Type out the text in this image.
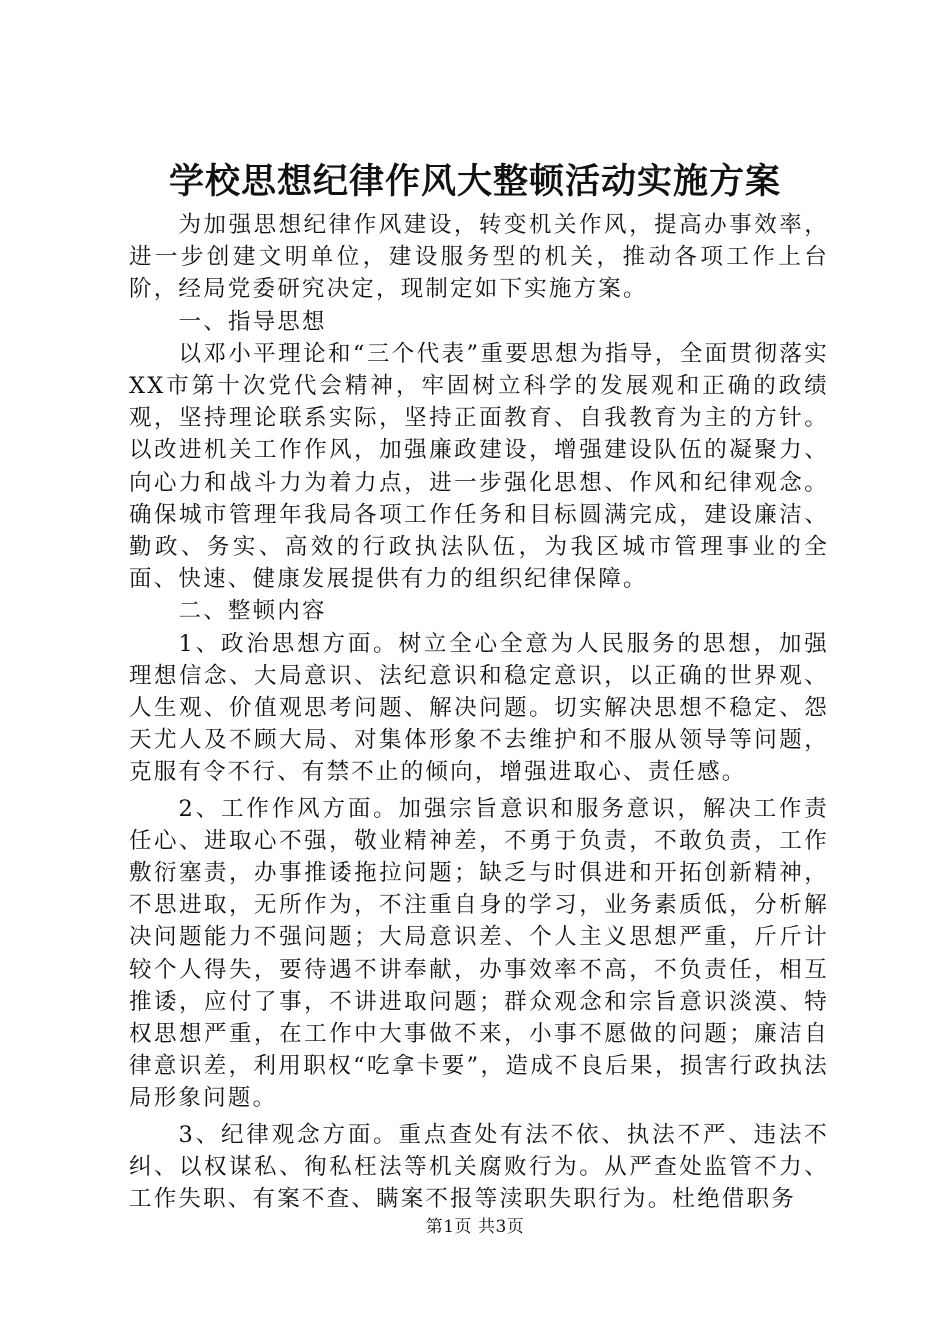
学校思想纪律作风大整顿活动实施方案

为加强思想纪律作风建设，转变机关作风，提高办事效率，进一步创建文明单位，建设服务型的机关，推动各项工作上台阶，经局党委研究决定，现制定如下实施方案。

一、指导思想

以邓小平理论和“三个代表”重要思想为指导，全面贯彻落实XX市第十次党代会精神，牢固树立科学的发展观和正确的政绩观，坚持理论联系实际，坚持正面教育、自我教育为主的方针。以改进机关工作作风，加强廉政建设，增强建设队伍的凝聚力、向心力和战斗力为着力点，进一步强化思想、作风和纪律观念。确保城市管理年我局各项工作任务和目标圆满完成，建设廉洁、勤政、务实、高效的行政执法队伍，为我区城市管理事业的全面、快速、健康发展提供有力的组织纪律保障。

二、整顿内容

1、政治思想方面。树立全心全意为人民服务的思想，加强理想信念、大局意识、法纪意识和稳定意识，以正确的世界观、人生观、价值观思考问题、解决问题。切实解决思想不稳定、怨天尤人及不顾大局、对集体形象不去维护和不服从领导等问题，克服有令不行、有禁不止的倾向，增强进取心、责任感。

2、工作作风方面。加强宗旨意识和服务意识，解决工作责任心、进取心不强，敬业精神差，不勇于负责，不敢负责，工作敷衍塞责，办事推诿拖拉问题；缺乏与时俱进和开拓创新精神，不思进取，无所作为，不注重自身的学习，业务素质低，分析解决问题能力不强问题；大局意识差、个人主义思想严重，斤斤计较个人得失，要待遇不讲奉献，办事效率不高，不负责任，相互推诿，应付了事，不讲进取问题；群众观念和宗旨意识淡漠、特权思想严重，在工作中大事做不来，小事不愿做的问题；廉洁自律意识差，利用职权“吃拿卡要”，造成不良后果，损害行政执法局形象问题。

3、纪律观念方面。重点查处有法不依、执法不严、违法不纠、以权谋私、徇私枉法等机关腐败行为。从严查处监管不力、工作失职、有案不查、瞒案不报等渎职失职行为。杜绝借职务

第1页 共3页
